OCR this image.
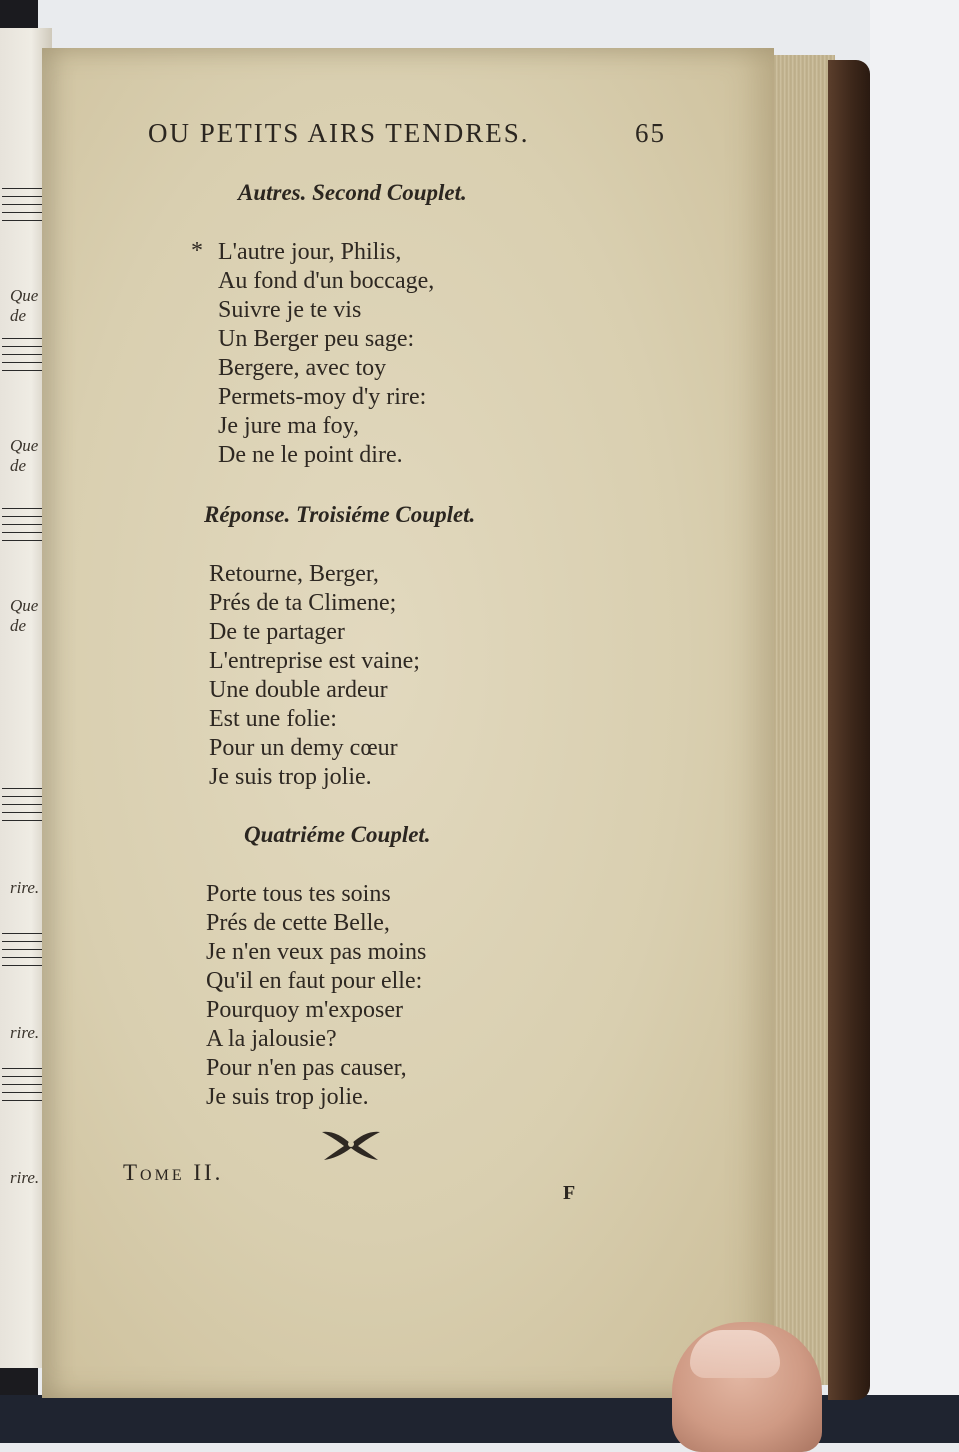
Que de
Que de
Que de
rire.
rire.
rire.
OU PETITS AIRS TENDRES.	65
Autres. Second Couplet.
* L'autre jour, Philis,
Au fond d'un boccage,
Suivre je te vis
Un Berger peu sage:
Bergere, avec toy
Permets-moy d'y rire:
Je jure ma foy,
De ne le point dire.
Réponse. Troisiéme Couplet.
Retourne, Berger,
Prés de ta Climene;
De te partager
L'entreprise est vaine;
Une double ardeur
Est une folie:
Pour un demy cœur
Je suis trop jolie.
Quatriéme Couplet.
Porte tous tes soins
Prés de cette Belle,
Je n'en veux pas moins
Qu'il en faut pour elle:
Pourquoy m'exposer
A la jalousie?
Pour n'en pas causer,
Je suis trop jolie.
Tome II.
F
